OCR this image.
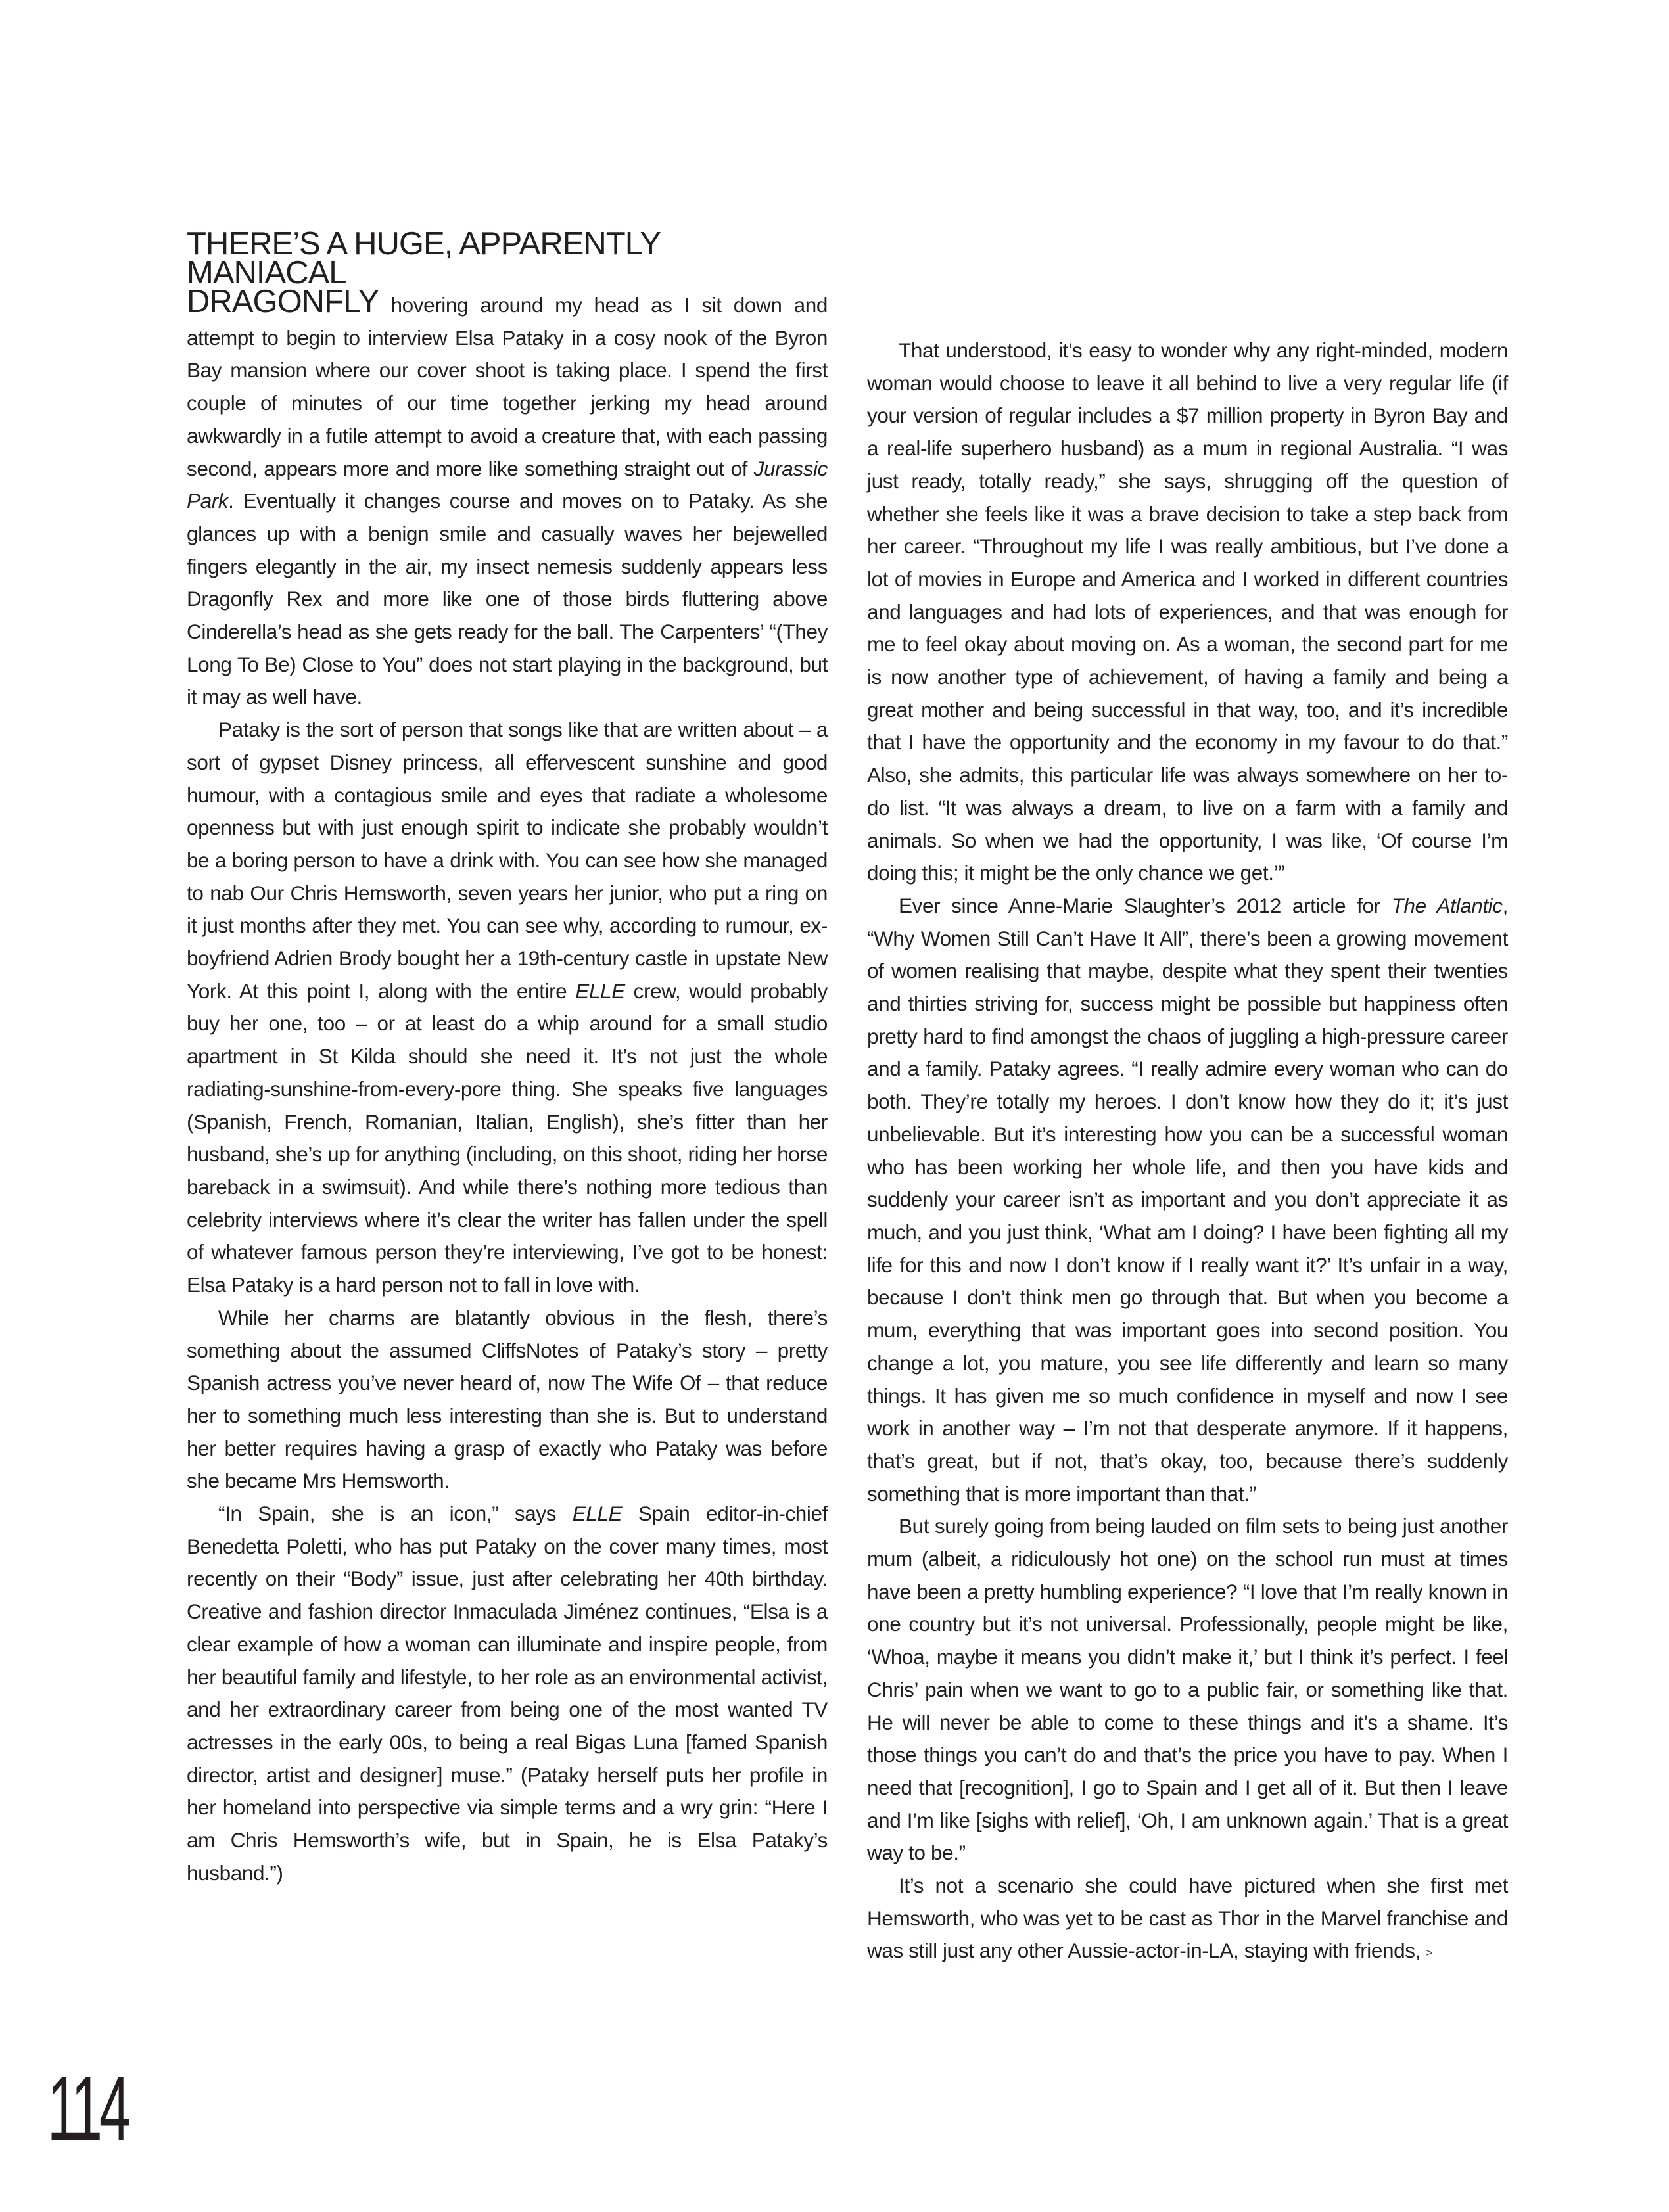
THERE’S A HUGE, APPARENTLY MANIACAL
DRAGONFLY hovering around my head as I sit down and attempt to begin to interview Elsa Pataky in a cosy nook of the Byron Bay mansion where our cover shoot is taking place. I spend the first couple of minutes of our time together jerking my head around awkwardly in a futile attempt to avoid a creature that, with each passing second, appears more and more like something straight out of Jurassic Park. Eventually it changes course and moves on to Pataky. As she glances up with a benign smile and casually waves her bejewelled fingers elegantly in the air, my insect nemesis suddenly appears less Dragonfly Rex and more like one of those birds fluttering above Cinderella’s head as she gets ready for the ball. The Carpenters’ “(They Long To Be) Close to You” does not start playing in the background, but it may as well have.

Pataky is the sort of person that songs like that are written about – a sort of gypset Disney princess, all effervescent sunshine and good humour, with a contagious smile and eyes that radiate a wholesome openness but with just enough spirit to indicate she probably wouldn’t be a boring person to have a drink with. You can see how she managed to nab Our Chris Hemsworth, seven years her junior, who put a ring on it just months after they met. You can see why, according to rumour, ex-boyfriend Adrien Brody bought her a 19th-century castle in upstate New York. At this point I, along with the entire ELLE crew, would probably buy her one, too – or at least do a whip around for a small studio apartment in St Kilda should she need it. It’s not just the whole radiating-sunshine-from-every-pore thing. She speaks five languages (Spanish, French, Romanian, Italian, English), she’s fitter than her husband, she’s up for anything (including, on this shoot, riding her horse bareback in a swimsuit). And while there’s nothing more tedious than celebrity interviews where it’s clear the writer has fallen under the spell of whatever famous person they’re interviewing, I’ve got to be honest: Elsa Pataky is a hard person not to fall in love with.

While her charms are blatantly obvious in the flesh, there’s something about the assumed CliffsNotes of Pataky’s story – pretty Spanish actress you’ve never heard of, now The Wife Of – that reduce her to something much less interesting than she is. But to understand her better requires having a grasp of exactly who Pataky was before she became Mrs Hemsworth.

“In Spain, she is an icon,” says ELLE Spain editor-in-chief Benedetta Poletti, who has put Pataky on the cover many times, most recently on their “Body” issue, just after celebrating her 40th birthday. Creative and fashion director Inmaculada Jiménez continues, “Elsa is a clear example of how a woman can illuminate and inspire people, from her beautiful family and lifestyle, to her role as an environmental activist, and her extraordinary career from being one of the most wanted TV actresses in the early 00s, to being a real Bigas Luna [famed Spanish director, artist and designer] muse.” (Pataky herself puts her profile in her homeland into perspective via simple terms and a wry grin: “Here I am Chris Hemsworth’s wife, but in Spain, he is Elsa Pataky’s husband.”)

That understood, it’s easy to wonder why any right-minded, modern woman would choose to leave it all behind to live a very regular life (if your version of regular includes a $7 million property in Byron Bay and a real-life superhero husband) as a mum in regional Australia. “I was just ready, totally ready,” she says, shrugging off the question of whether she feels like it was a brave decision to take a step back from her career. “Throughout my life I was really ambitious, but I’ve done a lot of movies in Europe and America and I worked in different countries and languages and had lots of experiences, and that was enough for me to feel okay about moving on. As a woman, the second part for me is now another type of achievement, of having a family and being a great mother and being successful in that way, too, and it’s incredible that I have the opportunity and the economy in my favour to do that.” Also, she admits, this particular life was always somewhere on her to-do list. “It was always a dream, to live on a farm with a family and animals. So when we had the opportunity, I was like, ‘Of course I’m doing this; it might be the only chance we get.’”

Ever since Anne-Marie Slaughter’s 2012 article for The Atlantic, “Why Women Still Can’t Have It All”, there’s been a growing movement of women realising that maybe, despite what they spent their twenties and thirties striving for, success might be possible but happiness often pretty hard to find amongst the chaos of juggling a high-pressure career and a family. Pataky agrees. “I really admire every woman who can do both. They’re totally my heroes. I don’t know how they do it; it’s just unbelievable. But it’s interesting how you can be a successful woman who has been working her whole life, and then you have kids and suddenly your career isn’t as important and you don’t appreciate it as much, and you just think, ‘What am I doing? I have been fighting all my life for this and now I don’t know if I really want it?’ It’s unfair in a way, because I don’t think men go through that. But when you become a mum, everything that was important goes into second position. You change a lot, you mature, you see life differently and learn so many things. It has given me so much confidence in myself and now I see work in another way – I’m not that desperate anymore. If it happens, that’s great, but if not, that’s okay, too, because there’s suddenly something that is more important than that.”

But surely going from being lauded on film sets to being just another mum (albeit, a ridiculously hot one) on the school run must at times have been a pretty humbling experience? “I love that I’m really known in one country but it’s not universal. Professionally, people might be like, ‘Whoa, maybe it means you didn’t make it,’ but I think it’s perfect. I feel Chris’ pain when we want to go to a public fair, or something like that. He will never be able to come to these things and it’s a shame. It’s those things you can’t do and that’s the price you have to pay. When I need that [recognition], I go to Spain and I get all of it. But then I leave and I’m like [sighs with relief], ‘Oh, I am unknown again.’ That is a great way to be.”

It’s not a scenario she could have pictured when she first met Hemsworth, who was yet to be cast as Thor in the Marvel franchise and was still just any other Aussie-actor-in-LA, staying with friends, >

114
